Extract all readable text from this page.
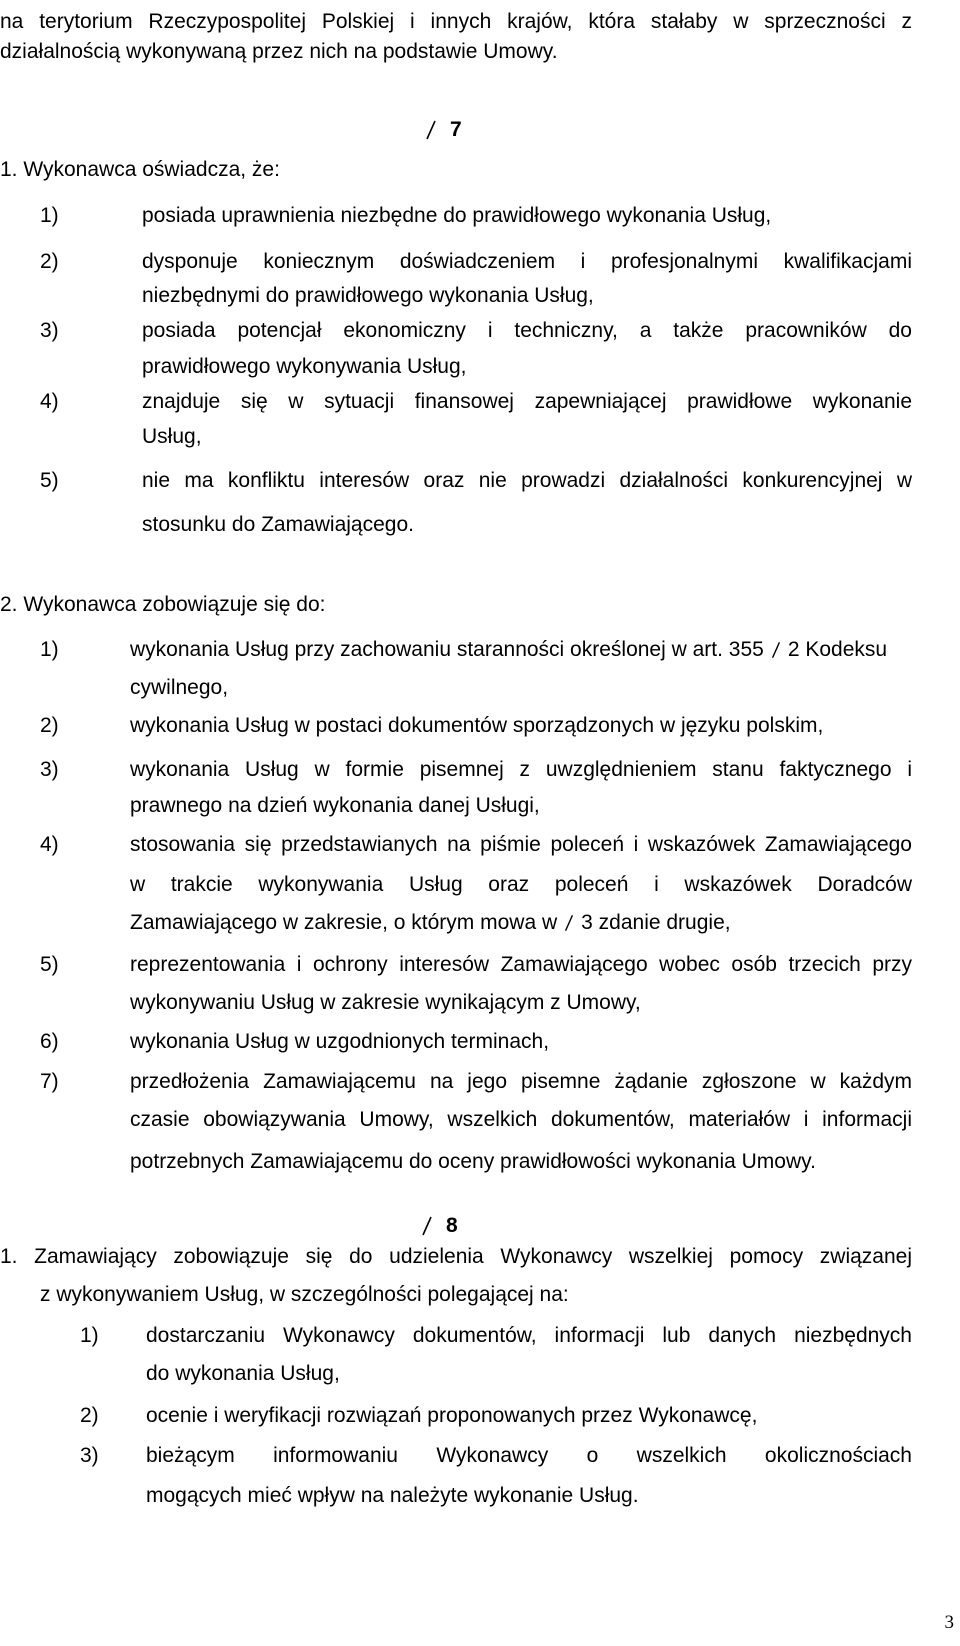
na terytorium Rzeczypospolitej Polskiej i innych krajów, która stałaby w sprzeczności z
działalnością wykonywaną przez nich na podstawie Umowy.
7
1. Wykonawca oświadcza, że:
1)	posiada uprawnienia niezbędne do prawidłowego wykonania Usług,
2)	dysponuje koniecznym doświadczeniem i profesjonalnymi kwalifikacjami
niezbędnymi do prawidłowego wykonania Usług,
3)	posiada potencjał ekonomiczny i techniczny, a także pracowników do
prawidłowego wykonywania Usług,
4)	znajduje się w sytuacji finansowej zapewniającej prawidłowe wykonanie
Usług,
5)	nie ma konfliktu interesów oraz nie prowadzi działalności konkurencyjnej w
stosunku do Zamawiającego.
2. Wykonawca zobowiązuje się do:
1)	wykonania Usług przy zachowaniu staranności określonej w art. 355 2 Kodeksu
cywilnego,
2)	wykonania Usług w postaci dokumentów sporządzonych w języku polskim,
3)	wykonania Usług w formie pisemnej z uwzględnieniem stanu faktycznego i
prawnego na dzień wykonania danej Usługi,
4)	stosowania się przedstawianych na piśmie poleceń i wskazówek Zamawiającego
w trakcie wykonywania Usług oraz poleceń i wskazówek Doradców
Zamawiającego w zakresie, o którym mowa w 3 zdanie drugie,
5)	reprezentowania i ochrony interesów Zamawiającego wobec osób trzecich przy
wykonywaniu Usług w zakresie wynikającym z Umowy,
6)	wykonania Usług w uzgodnionych terminach,
7)	przedłożenia Zamawiającemu na jego pisemne żądanie zgłoszone w każdym
czasie obowiązywania Umowy, wszelkich dokumentów, materiałów i informacji
potrzebnych Zamawiającemu do oceny prawidłowości wykonania Umowy.
8
1. Zamawiający zobowiązuje się do udzielenia Wykonawcy wszelkiej pomocy związanej
z wykonywaniem Usług, w szczególności polegającej na:
1) dostarczaniu Wykonawcy dokumentów, informacji lub danych niezbędnych
do wykonania Usług,
2) ocenie i weryfikacji rozwiązań proponowanych przez Wykonawcę,
3) bieżącym informowaniu Wykonawcy o wszelkich okolicznościach
mogących mieć wpływ na należyte wykonanie Usług.
3
